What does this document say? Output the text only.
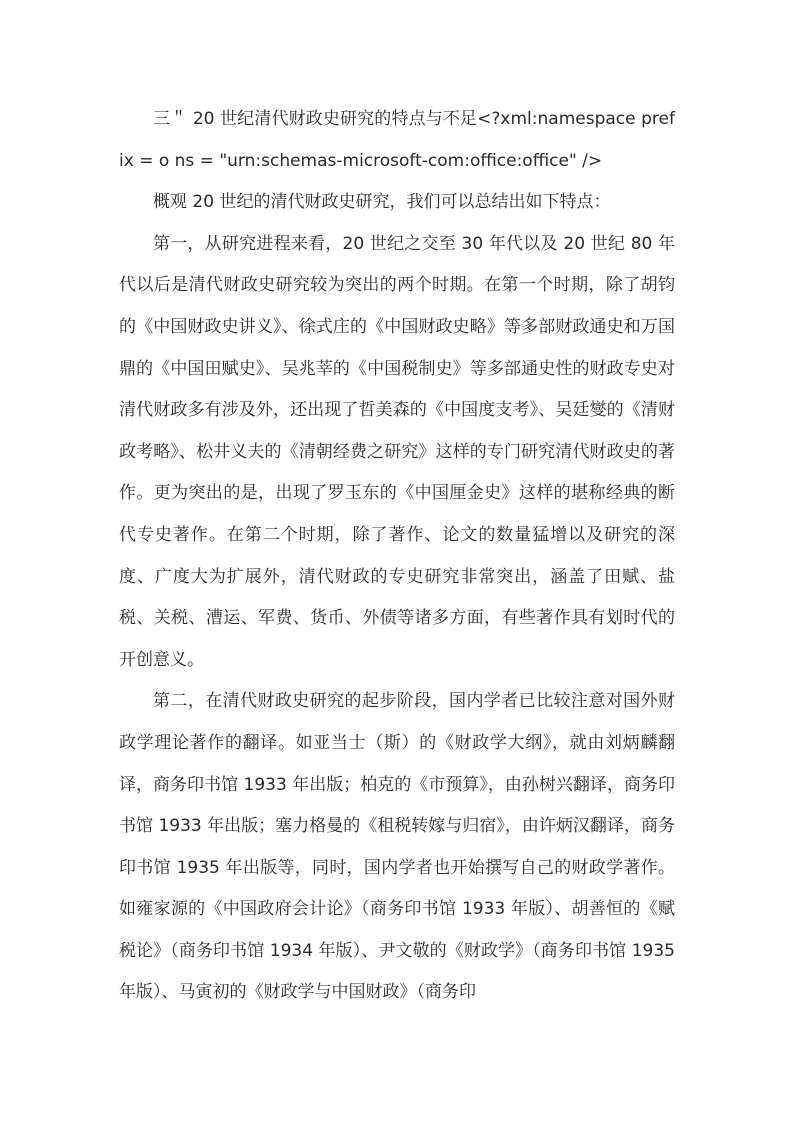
三＂ 20 世纪清代财政史研究的特点与不足<?xml:namespace prefix = o ns = "urn:schemas-microsoft-com:office:office" />

概观 20 世纪的清代财政史研究，我们可以总结出如下特点：

第一，从研究进程来看，20 世纪之交至 30 年代以及 20 世纪 80 年代以后是清代财政史研究较为突出的两个时期。在第一个时期，除了胡钧的《中国财政史讲义》、徐式庄的《中国财政史略》等多部财政通史和万国鼎的《中国田赋史》、吴兆莘的《中国税制史》等多部通史性的财政专史对清代财政多有涉及外，还出现了哲美森的《中国度支考》、吴廷燮的《清财政考略》、松井义夫的《清朝经费之研究》这样的专门研究清代财政史的著作。更为突出的是，出现了罗玉东的《中国厘金史》这样的堪称经典的断代专史著作。在第二个时期，除了著作、论文的数量猛增以及研究的深度、广度大为扩展外，清代财政的专史研究非常突出，涵盖了田赋、盐税、关税、漕运、军费、货币、外债等诸多方面，有些著作具有划时代的开创意义。

第二，在清代财政史研究的起步阶段，国内学者已比较注意对国外财政学理论著作的翻译。如亚当士（斯）的《财政学大纲》，就由刘炳麟翻译，商务印书馆 1933 年出版；柏克的《市预算》，由孙树兴翻译，商务印书馆 1933 年出版；塞力格曼的《租税转嫁与归宿》，由许炳汉翻译，商务印书馆 1935 年出版等，同时，国内学者也开始撰写自己的财政学著作。如雍家源的《中国政府会计论》（商务印书馆 1933 年版）、胡善恒的《赋税论》（商务印书馆 1934 年版）、尹文敬的《财政学》（商务印书馆 1935 年版）、马寅初的《财政学与中国财政》（商务印
